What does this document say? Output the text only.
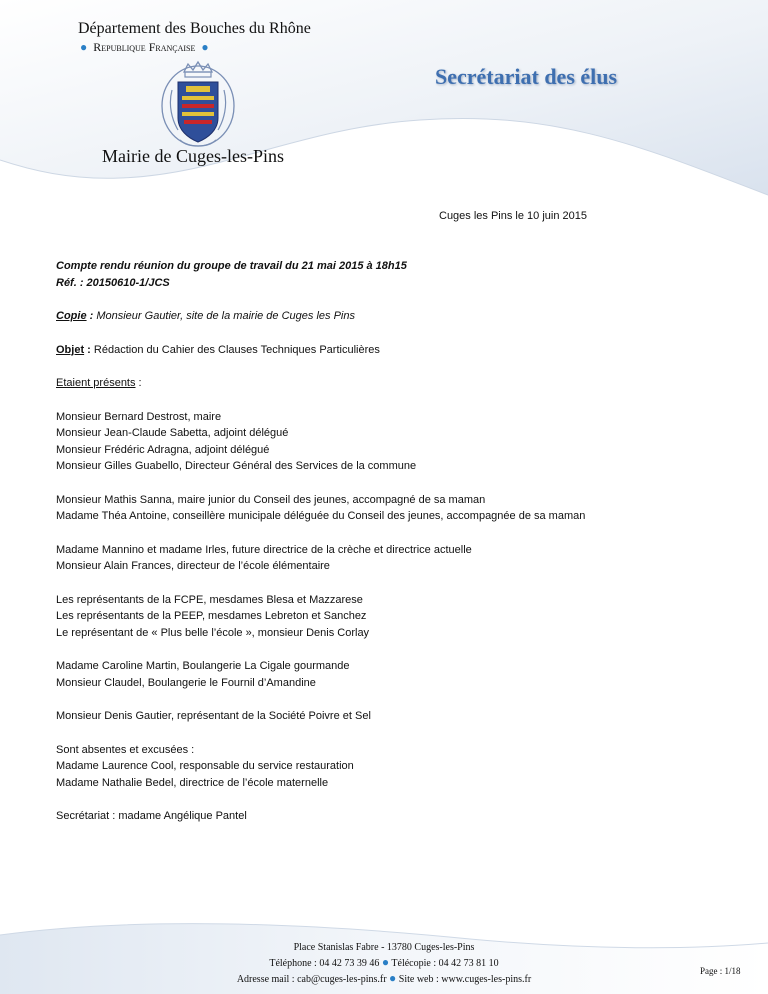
Département des Bouches du Rhône
● Republique Française ●
Secrétariat des élus
Mairie de Cuges-les-Pins
Cuges les Pins le 10 juin 2015

Compte rendu réunion du groupe de travail du 21 mai 2015 à 18h15

Réf. : 20150610-1/JCS

Copie : Monsieur Gautier, site de la mairie de Cuges les Pins

Objet : Rédaction du Cahier des Clauses Techniques Particulières

Etaient présents :

Monsieur Bernard Destrost, maire

Monsieur Jean-Claude Sabetta, adjoint délégué

Monsieur Frédéric Adragna, adjoint délégué

Monsieur Gilles Guabello, Directeur Général des Services de la commune

Monsieur Mathis Sanna, maire junior du Conseil des jeunes, accompagné de sa maman

Madame Théa Antoine, conseillère municipale déléguée du Conseil des jeunes, accompagnée de sa maman

Madame Mannino et madame Irles, future directrice de la crèche et directrice actuelle

Monsieur Alain Frances, directeur de l’école élémentaire

Les représentants de la FCPE, mesdames Blesa et Mazzarese

Les représentants de la PEEP, mesdames Lebreton et Sanchez

Le représentant de « Plus belle l’école », monsieur Denis Corlay

Madame Caroline Martin, Boulangerie La Cigale gourmande

Monsieur Claudel, Boulangerie le Fournil d’Amandine

Monsieur Denis Gautier, représentant de la Société Poivre et Sel

Sont absentes et excusées :

Madame Laurence Cool, responsable du service restauration

Madame Nathalie Bedel, directrice de l’école maternelle

Secrétariat : madame Angélique Pantel

Place Stanislas Fabre - 13780 Cuges-les-Pins
Téléphone : 04 42 73 39 46 ● Télécopie : 04 42 73 81 10
Adresse mail : cab@cuges-les-pins.fr ● Site web : www.cuges-les-pins.fr
Page : 1/18
